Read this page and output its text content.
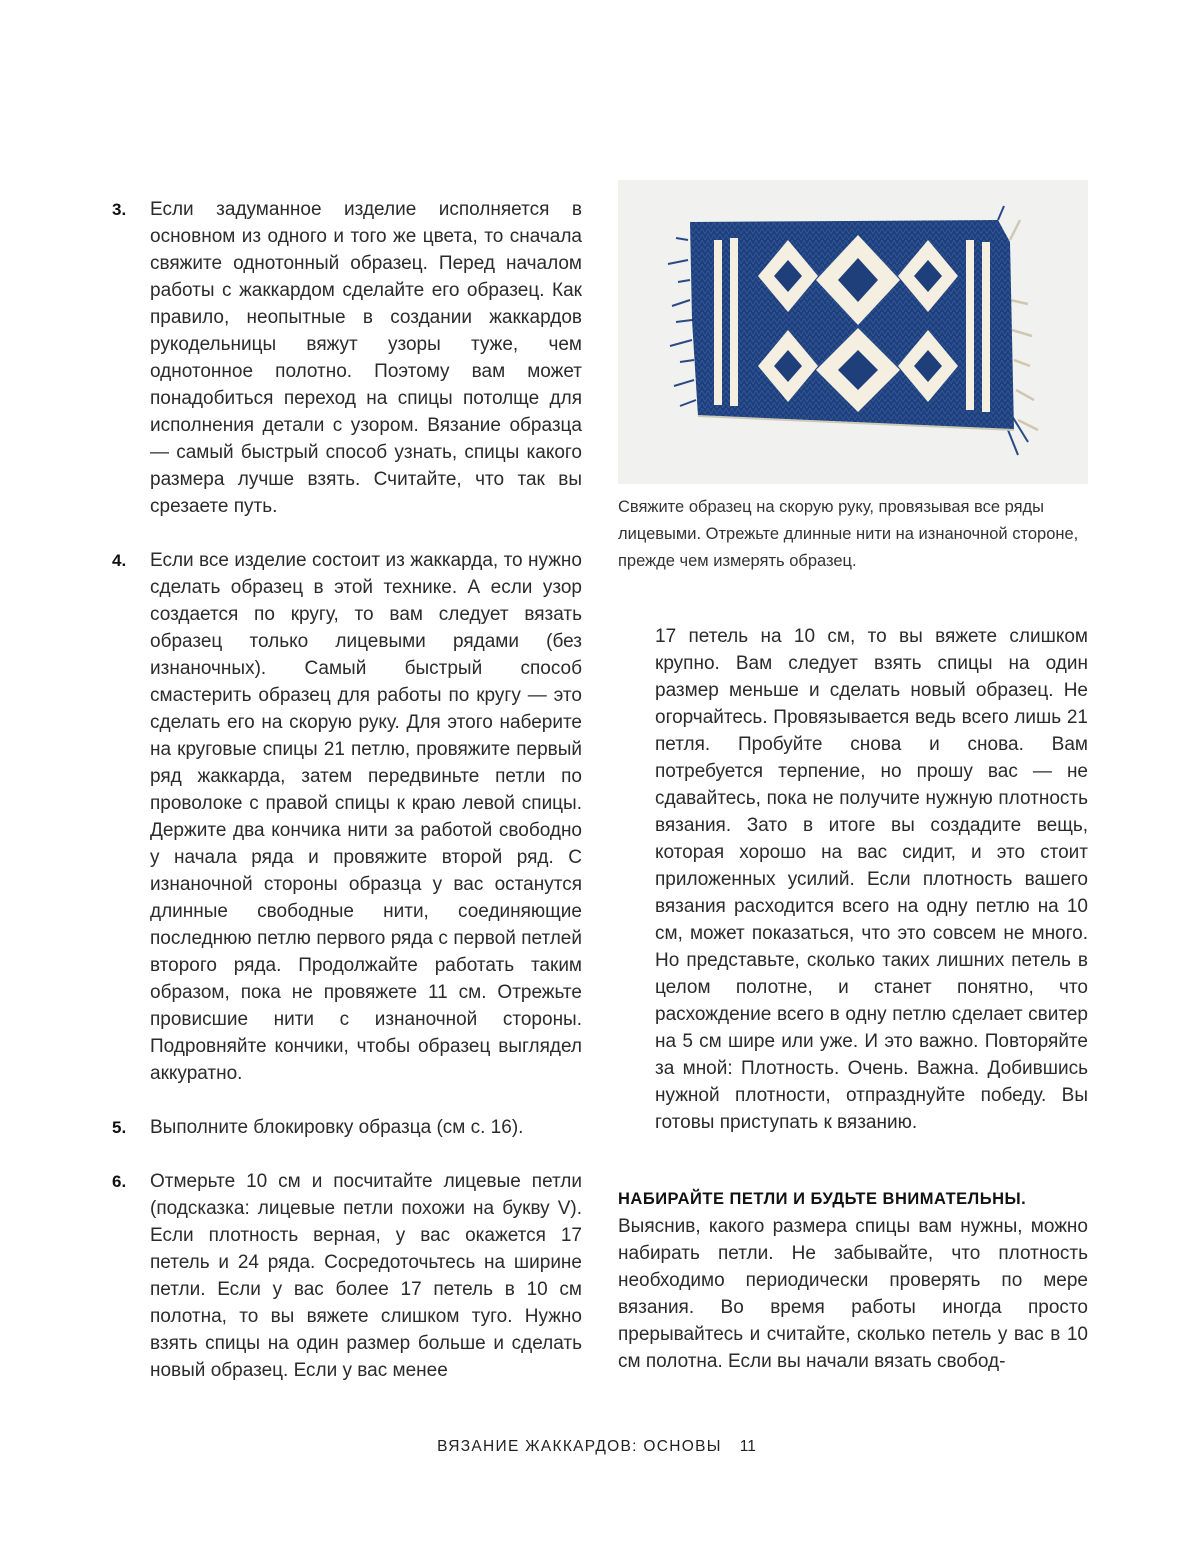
3.	Если задуманное изделие исполняется в основном из одного и того же цвета, то сначала свяжите однотонный образец. Перед началом работы с жаккардом сделайте его образец. Как правило, неопытные в создании жаккардов рукодельницы вяжут узоры туже, чем однотонное полотно. Поэтому вам может понадобиться переход на спицы потолще для исполнения детали с узором. Вязание образца — самый быстрый способ узнать, спицы какого размера лучше взять. Считайте, что так вы срезаете путь.
4.	Если все изделие состоит из жаккарда, то нужно сделать образец в этой технике. А если узор создается по кругу, то вам следует вязать образец только лицевыми рядами (без изнаночных). Самый быстрый способ смастерить образец для работы по кругу — это сделать его на скорую руку. Для этого наберите на круговые спицы 21 петлю, провяжите первый ряд жаккарда, затем передвиньте петли по проволоке с правой спицы к краю левой спицы. Держите два кончика нити за работой свободно у начала ряда и провяжите второй ряд. С изнаночной стороны образца у вас останутся длинные свободные нити, соединяющие последнюю петлю первого ряда с первой петлей второго ряда. Продолжайте работать таким образом, пока не провяжете 11 см. Отрежьте провисшие нити с изнаночной стороны. Подровняйте кончики, чтобы образец выглядел аккуратно.
5.	Выполните блокировку образца (см с. 16).
6.	Отмерьте 10 см и посчитайте лицевые петли (подсказка: лицевые петли похожи на букву V). Если плотность верная, у вас окажется 17 петель и 24 ряда. Сосредоточьтесь на ширине петли. Если у вас более 17 петель в 10 см полотна, то вы вяжете слишком туго. Нужно взять спицы на один размер больше и сделать новый образец. Если у вас менее
Свяжите образец на скорую руку, провязывая все ряды лицевыми. Отрежьте длинные нити на изнаночной стороне, прежде чем измерять образец.
17 петель на 10 см, то вы вяжете слишком крупно. Вам следует взять спицы на один размер меньше и сделать новый образец. Не огорчайтесь. Провязывается ведь всего лишь 21 петля. Пробуйте снова и снова. Вам потребуется терпение, но прошу вас — не сдавайтесь, пока не получите нужную плотность вязания. Зато в итоге вы создадите вещь, которая хорошо на вас сидит, и это стоит приложенных усилий. Если плотность вашего вязания расходится всего на одну петлю на 10 см, может показаться, что это совсем не много. Но представьте, сколько таких лишних петель в целом полотне, и станет понятно, что расхождение всего в одну петлю сделает свитер на 5 см шире или уже. И это важно. Повторяйте за мной: Плотность. Очень. Важна. Добившись нужной плотности, отпразднуйте победу. Вы готовы приступать к вязанию.
НАБИРАЙТЕ ПЕТЛИ И БУДЬТЕ ВНИМАТЕЛЬНЫ.
Выяснив, какого размера спицы вам нужны, можно набирать петли. Не забывайте, что плотность необходимо периодически проверять по мере вязания. Во время работы иногда просто прерывайтесь и считайте, сколько петель у вас в 10 см полотна. Если вы начали вязать свобод-
ВЯЗАНИЕ ЖАККАРДОВ: ОСНОВЫ 11
